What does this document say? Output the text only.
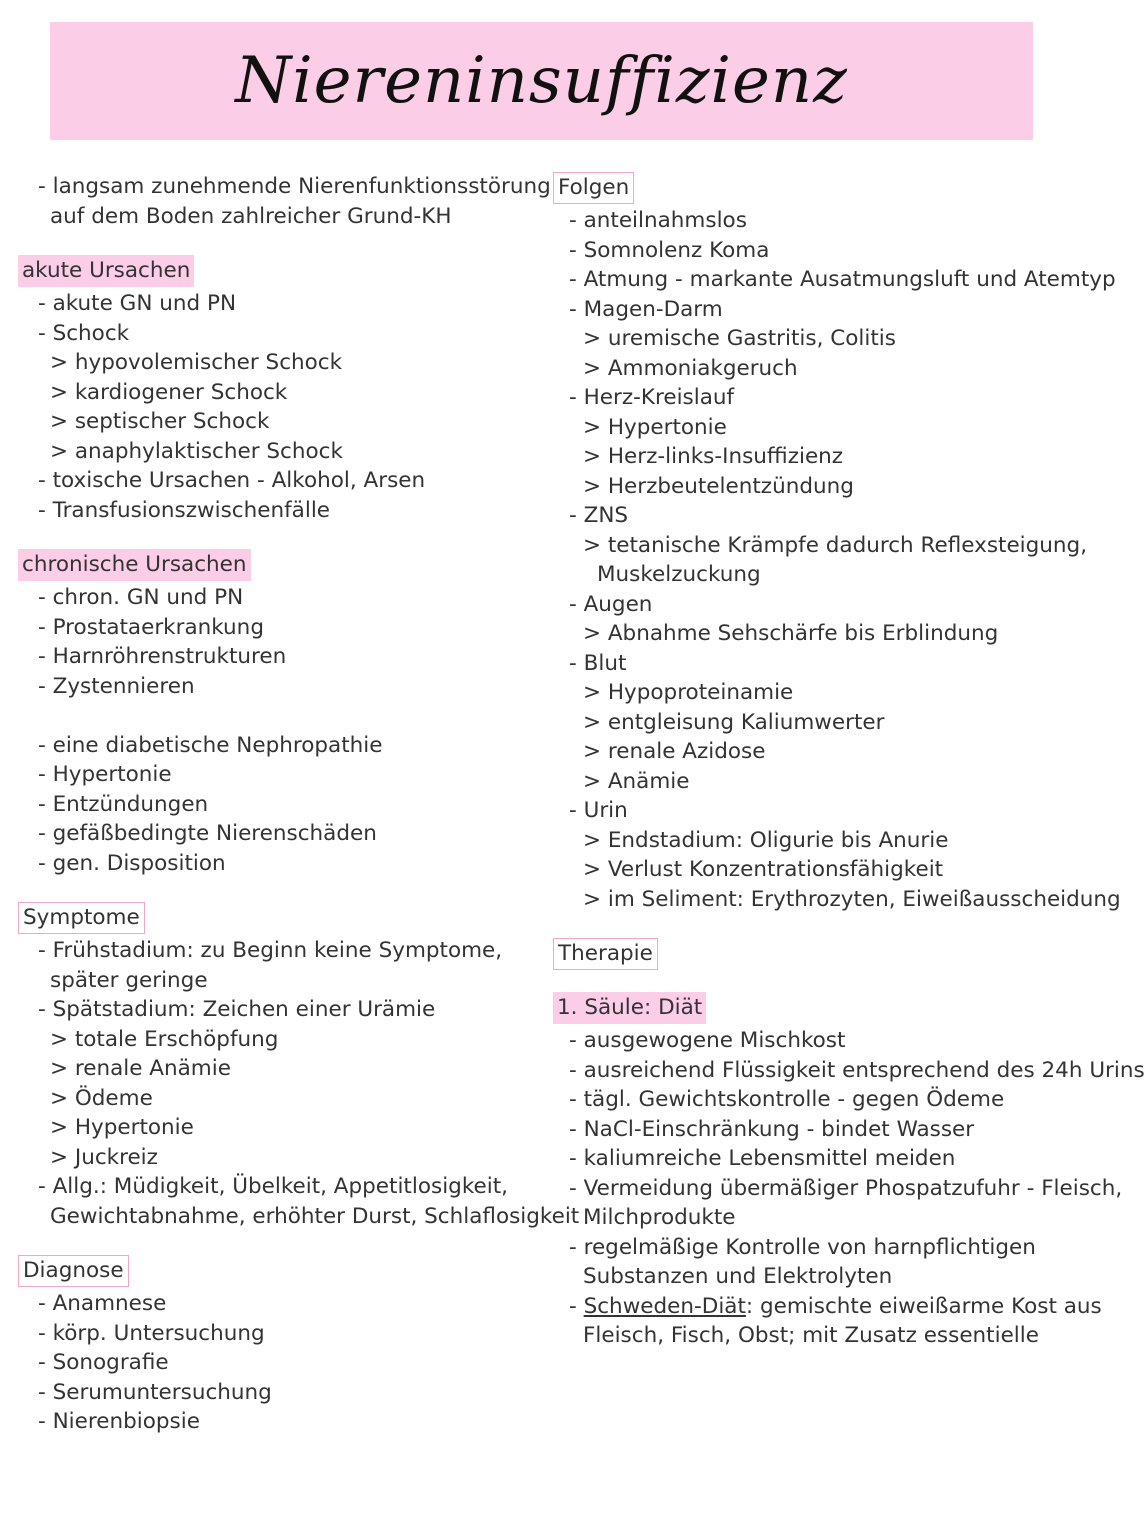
Niereninsuffizienz
- langsam zunehmende Nierenfunktionsstörung
auf dem Boden zahlreicher Grund-KH
akute Ursachen
- akute GN und PN
- Schock
> hypovolemischer Schock
> kardiogener Schock
> septischer Schock
> anaphylaktischer Schock
- toxische Ursachen - Alkohol, Arsen
- Transfusionszwischenfälle
chronische Ursachen
- chron. GN und PN
- Prostataerkrankung
- Harnröhrenstrukturen
- Zystennieren
- eine diabetische Nephropathie
- Hypertonie
- Entzündungen
- gefäßbedingte Nierenschäden
- gen. Disposition
Symptome
- Frühstadium: zu Beginn keine Symptome,
später geringe
- Spätstadium: Zeichen einer Urämie
> totale Erschöpfung
> renale Anämie
> Ödeme
> Hypertonie
> Juckreiz
- Allg.: Müdigkeit, Übelkeit, Appetitlosigkeit,
Gewichtabnahme, erhöhter Durst, Schlaflosigkeit
Diagnose
- Anamnese
- körp. Untersuchung
- Sonografie
- Serumuntersuchung
- Nierenbiopsie
Folgen
- anteilnahmslos
- Somnolenz Koma
- Atmung - markante Ausatmungsluft und Atemtyp
- Magen-Darm
> uremische Gastritis, Colitis
> Ammoniakgeruch
- Herz-Kreislauf
> Hypertonie
> Herz-links-Insuffizienz
> Herzbeutelentzündung
- ZNS
> tetanische Krämpfe dadurch Reflexsteigung,
Muskelzuckung
- Augen
> Abnahme Sehschärfe bis Erblindung
- Blut
> Hypoproteinamie
> entgleisung Kaliumwerter
> renale Azidose
> Anämie
- Urin
> Endstadium: Oligurie bis Anurie
> Verlust Konzentrationsfähigkeit
> im Seliment: Erythrozyten, Eiweißausscheidung
Therapie
1. Säule: Diät
- ausgewogene Mischkost
- ausreichend Flüssigkeit entsprechend des 24h Urins
- tägl. Gewichtskontrolle - gegen Ödeme
- NaCl-Einschränkung - bindet Wasser
- kaliumreiche Lebensmittel meiden
- Vermeidung übermäßiger Phospatzufuhr - Fleisch,
Milchprodukte
- regelmäßige Kontrolle von harnpflichtigen
Substanzen und Elektrolyten
- Schweden-Diät: gemischte eiweißarme Kost aus
Fleisch, Fisch, Obst; mit Zusatz essentielle
